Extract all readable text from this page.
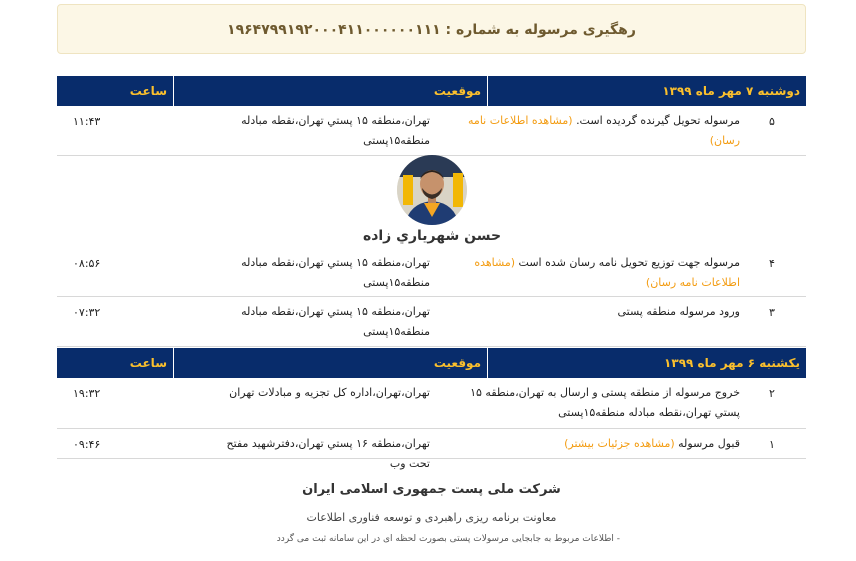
رهگیری مرسوله به شماره : ۱۹۶۴۷۹۹۱۹۲۰۰۰۴۱۱۰۰۰۰۰۰۱۱۱
دوشنبه ۷ مهر ماه ۱۳۹۹
موقعیت
ساعت
۵
مرسوله تحویل گیرنده گردیده است. (مشاهده اطلاعات نامه رسان)
تهران،منطقه ۱۵ پستي تهران،نقطه مبادله منطقه۱۵پستی
۱۱:۴۳
۴
مرسوله جهت توزیع تحویل نامه رسان شده است (مشاهده اطلاعات نامه رسان)
تهران،منطقه ۱۵ پستي تهران،نقطه مبادله منطقه۱۵پستی
۰۸:۵۶
۳
ورود مرسوله منطقه پستی
تهران،منطقه ۱۵ پستي تهران،نقطه مبادله منطقه۱۵پستی
۰۷:۳۲
حسن شهرياري زاده
یکشنبه ۶ مهر ماه ۱۳۹۹
موقعیت
ساعت
۲
خروج مرسوله از منطقه پستی و ارسال به تهران،منطقه ۱۵ پستي تهران،نقطه مبادله منطقه۱۵پستی
تهران،تهران،اداره کل تجزیه و مبادلات تهران
۱۹:۳۲
۱
قبول مرسوله (مشاهده جزئیات بیشتر)
تهران،منطقه ۱۶ پستي تهران،دفترشهید مفتح تحت وب
۰۹:۴۶
شرکت ملی پست جمهوری اسلامی ایران
معاونت برنامه ریزی راهبردی و توسعه فناوری اطلاعات
- اطلاعات مربوط به جابجایی مرسولات پستی بصورت لحظه ای در این سامانه ثبت می گردد
